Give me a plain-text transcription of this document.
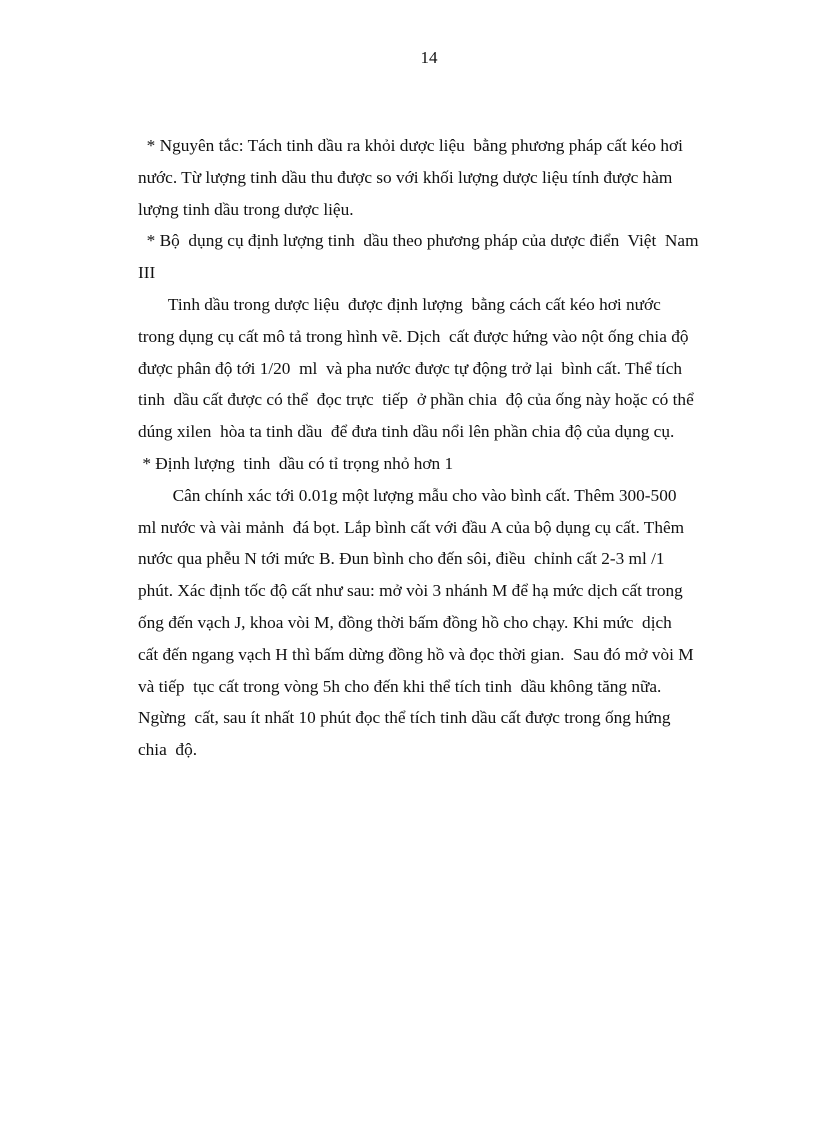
14
* Nguyên tắc: Tách tinh dầu ra khỏi dược liệu  bằng phương pháp cất kéo hơi
nước. Từ lượng tinh dầu thu được so với khối lượng dược liệu tính được hàm
lượng tinh dầu trong dược liệu.
* Bộ  dụng cụ định lượng tinh  dầu theo phương pháp của dược điển  Việt  Nam
III
Tinh dầu trong dược liệu  được định lượng  bằng cách cất kéo hơi nước
trong dụng cụ cất mô tả trong hình vẽ. Dịch  cất được hứng vào nột ống chia độ
được phân độ tới 1/20  ml  và pha nước được tự động trở lại  bình cất. Thể tích
tinh  dầu cất được có thể  đọc trực  tiếp  ở phần chia  độ của ống này hoặc có thể
dúng xilen  hòa ta tinh dầu  để đưa tinh dầu nổi lên phần chia độ của dụng cụ.
* Định lượng  tinh  dầu có tỉ trọng nhỏ hơn 1
Cân chính xác tới 0.01g một lượng mẫu cho vào bình cất. Thêm 300-500
ml nước và vài mảnh  đá bọt. Lắp bình cất với đầu A của bộ dụng cụ cất. Thêm
nước qua phễu N tới mức B. Đun bình cho đến sôi, điều  chỉnh cất 2-3 ml /1
phút. Xác định tốc độ cất như sau: mở vòi 3 nhánh M để hạ mức dịch cất trong
ống đến vạch J, khoa vòi M, đồng thời bấm đồng hồ cho chạy. Khi mức  dịch
cất đến ngang vạch H thì bấm dừng đồng hồ và đọc thời gian.  Sau đó mở vòi M
và tiếp  tục cất trong vòng 5h cho đến khi thể tích tinh  dầu không tăng nữa.
Ngừng  cất, sau ít nhất 10 phút đọc thể tích tinh dầu cất được trong ống hứng
chia  độ.
